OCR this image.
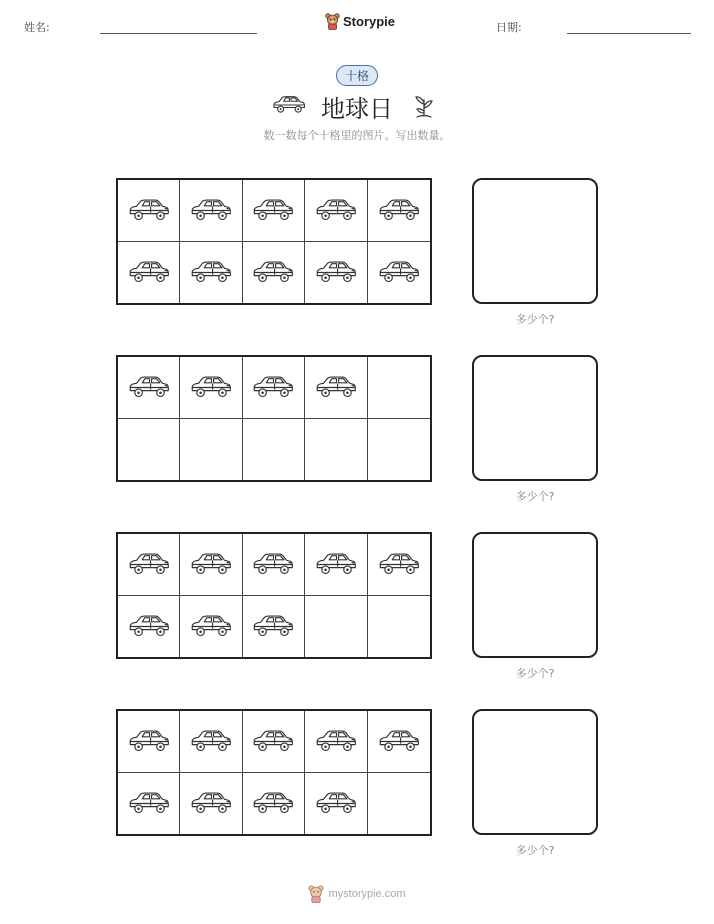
姓名:	Storypie	日期:
十格
地球日
数一数每个十格里的图片。写出数量。
多少个?
多少个?
多少个?
多少个?
mystorypie.com
